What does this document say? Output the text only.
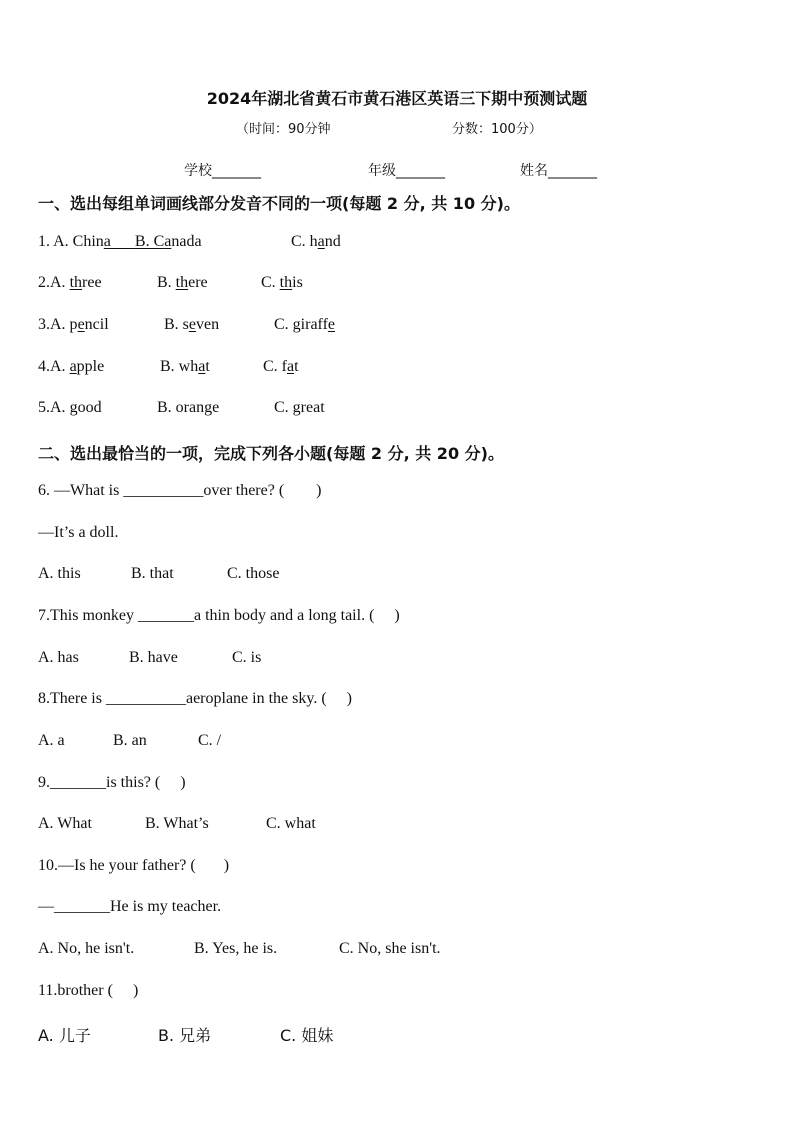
2024年湖北省黄石市黄石港区英语三下期中预测试题
（时间：90分钟	分数：100分）
学校_______	年级_______	姓名_______
一、选出每组单词画线部分发音不同的一项(每题 2 分, 共 10 分)。
1. A. China B. Canada	C. hand
2.A. three	B. there	C. this
3.A. pencil	B. seven	C. giraffe
4.A. apple	B. what	C. fat
5.A. good	B. orange	C. great
二、选出最恰当的一项，完成下列各小题(每题 2 分, 共 20 分)。
6. —What is __________over there? (        )
—It’s a doll.
A. this	B. that	C. those
7.This monkey _______a thin body and a long tail. (     )
A. has	B. have	C. is
8.There is __________aeroplane in the sky. (     )
A. a	B. an	C. /
9._______is this? (     )
A. What	B. What’s	C. what
10.—Is he your father? (       )
—_______He is my teacher.
A. No, he isn't.	B. Yes, he is.	C. No, she isn't.
11.brother (     )

A. 儿子

	B. 兄弟

	C. 姐妹
